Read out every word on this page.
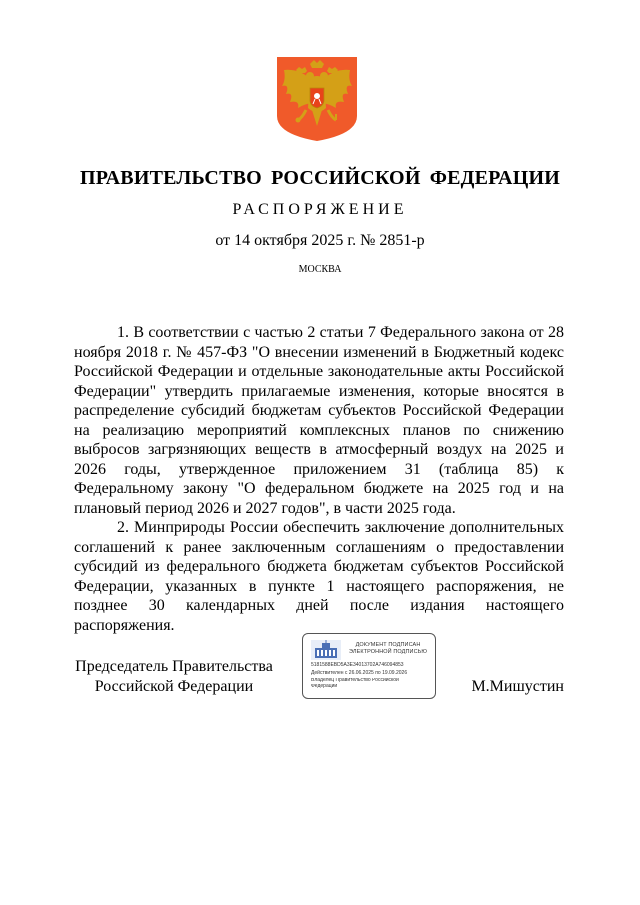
ПРАВИТЕЛЬСТВО РОССИЙСКОЙ ФЕДЕРАЦИИ
РАСПОРЯЖЕНИЕ
от 14 октября 2025 г. № 2851-р
МОСКВА

1. В соответствии с частью 2 статьи 7 Федерального закона от 28 ноября 2018 г. № 457-ФЗ "О внесении изменений в Бюджетный кодекс Российской Федерации и отдельные законодательные акты Российской Федерации" утвердить прилагаемые изменения, которые вносятся в распределение субсидий бюджетам субъектов Российской Федерации на реализацию мероприятий комплексных планов по снижению выбросов загрязняющих веществ в атмосферный воздух на 2025 и 2026 годы, утвержденное приложением 31 (таблица 85) к Федеральному закону "О федеральном бюджете на 2025 год и на плановый период 2026 и 2027 годов", в части 2025 года.

2. Минприроды России обеспечить заключение дополнительных соглашений к ранее заключенным соглашениям о предоставлении субсидий из федерального бюджета бюджетам субъектов Российской Федерации, указанных в пункте 1 настоящего распоряжения, не позднее 30 календарных дней после издания настоящего распоряжения.

Председатель Правительства
Российской Федерации
ДОКУМЕНТ ПОДПИСАН
ЭЛЕКТРОННОЙ ПОДПИСЬЮ
5181588EBD5A3E34013702A746094853
Действителен с 26.06.2025 по 19.09.2026
Владелец Правительство Российской
Федерации	М.Мишустин
